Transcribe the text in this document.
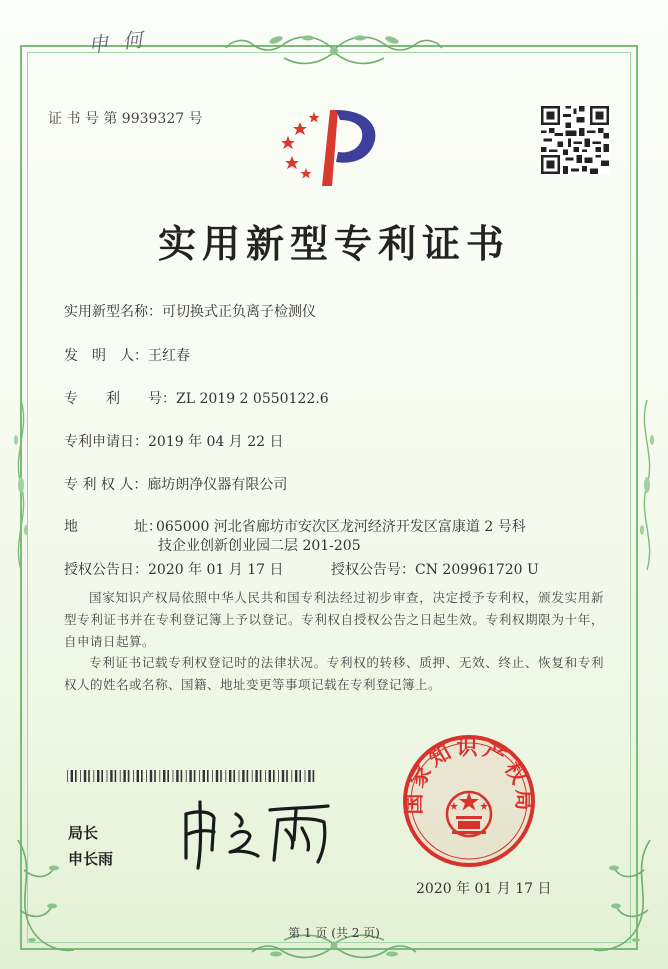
申 何
证 书 号 第 9939327 号
实用新型专利证书
实用新型名称：可切换式正负离子检测仪
发　明　人：王红春
专　　利　　号：ZL 2019 2 0550122.6
专利申请日：2019 年 04 月 22 日
专 利 权 人：廊坊朗净仪器有限公司
地　　　　址：065000 河北省廊坊市安次区龙河经济开发区富康道 2 号科
技企业创新创业园二层 201-205
授权公告日：2020 年 01 月 17 日	授权公告号：CN 209961720 U
国家知识产权局依照中华人民共和国专利法经过初步审查，决定授予专利权，颁发实用新型专利证书并在专利登记簿上予以登记。专利权自授权公告之日起生效。专利权期限为十年，自申请日起算。
专利证书记载专利权登记时的法律状况。专利权的转移、质押、无效、终止、恢复和专利权人的姓名或名称、国籍、地址变更等事项记载在专利登记簿上。
局长
申长雨
国家知识产权局
2020 年 01 月 17 日
第 1 页 (共 2 页)
